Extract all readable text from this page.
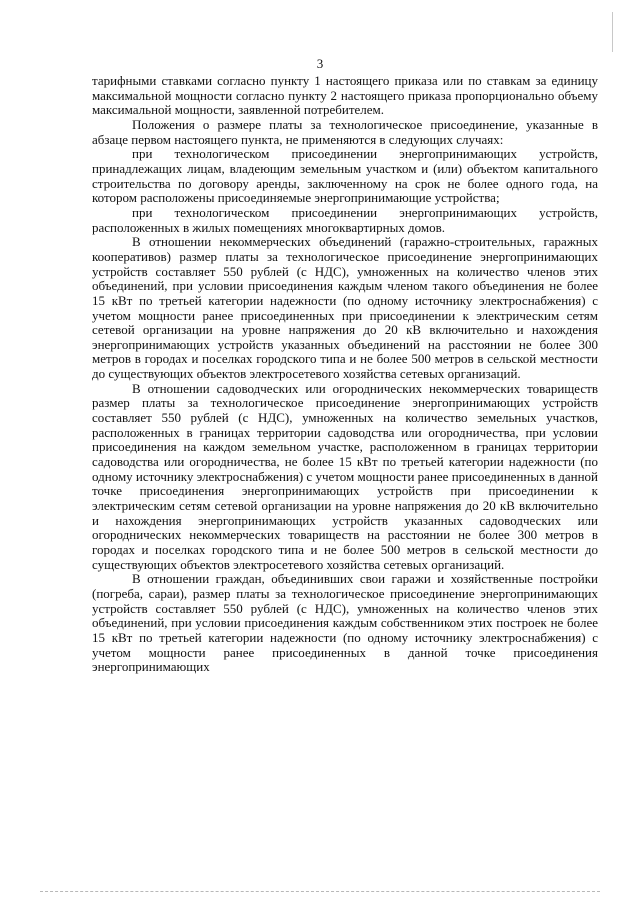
3

тарифными ставками согласно пункту 1 настоящего приказа или по ставкам за единицу максимальной мощности согласно пункту 2 настоящего приказа пропорционально объему максимальной мощности, заявленной потребителем.

Положения о размере платы за технологическое присоединение, указанные в абзаце первом настоящего пункта, не применяются в следующих случаях:

при технологическом присоединении энергопринимающих устройств, принадлежащих лицам, владеющим земельным участком и (или) объектом капитального строительства по договору аренды, заключенному на срок не более одного года, на котором расположены присоединяемые энергопринимающие устройства;

при технологическом присоединении энергопринимающих устройств, расположенных в жилых помещениях многоквартирных домов.

В отношении некоммерческих объединений (гаражно-строительных, гаражных кооперативов) размер платы за технологическое присоединение энергопринимающих устройств составляет 550 рублей (с НДС), умноженных на количество членов этих объединений, при условии присоединения каждым членом такого объединения не более 15 кВт по третьей категории надежности (по одному источнику электроснабжения) с учетом мощности ранее присоединенных при присоединении к электрическим сетям сетевой организации на уровне напряжения до 20 кВ включительно и нахождения энергопринимающих устройств указанных объединений на расстоянии не более 300 метров в городах и поселках городского типа и не более 500 метров в сельской местности до существующих объектов электросетевого хозяйства сетевых организаций.

В отношении садоводческих или огороднических некоммерческих товариществ размер платы за технологическое присоединение энергопринимающих устройств составляет 550 рублей (с НДС), умноженных на количество земельных участков, расположенных в границах территории садоводства или огородничества, при условии присоединения на каждом земельном участке, расположенном в границах территории садоводства или огородничества, не более 15 кВт по третьей категории надежности (по одному источнику электроснабжения) с учетом мощности ранее присоединенных в данной точке присоединения энергопринимающих устройств при присоединении к электрическим сетям сетевой организации на уровне напряжения до 20 кВ включительно и нахождения энергопринимающих устройств указанных садоводческих или огороднических некоммерческих товариществ на расстоянии не более 300 метров в городах и поселках городского типа и не более 500 метров в сельской местности до существующих объектов электросетевого хозяйства сетевых организаций.

В отношении граждан, объединивших свои гаражи и хозяйственные постройки (погреба, сараи), размер платы за технологическое присоединение энергопринимающих устройств составляет 550 рублей (с НДС), умноженных на количество членов этих объединений, при условии присоединения каждым собственником этих построек не более 15 кВт по третьей категории надежности (по одному источнику электроснабжения) с учетом мощности ранее присоединенных в данной точке присоединения энергопринимающих
